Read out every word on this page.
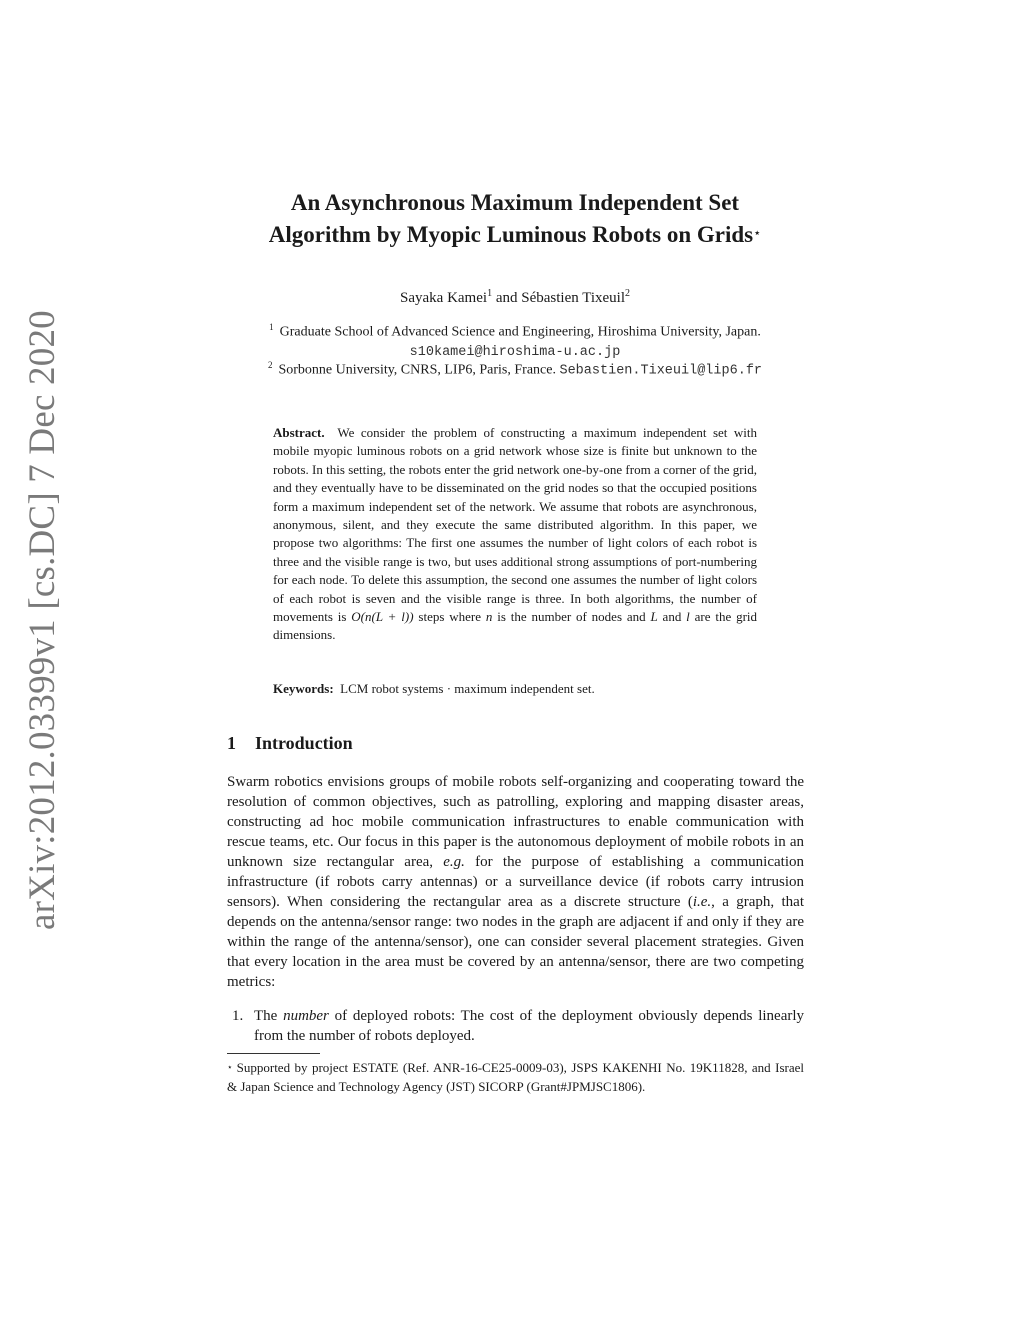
arXiv:2012.03399v1 [cs.DC] 7 Dec 2020
An Asynchronous Maximum Independent Set
Algorithm by Myopic Luminous Robots on Grids⋆
Sayaka Kamei$^1$ and Sébastien Tixeuil$^2$
$^1$ Graduate School of Advanced Science and Engineering, Hiroshima University, Japan.
s10kamei@hiroshima-u.ac.jp
$^2$ Sorbonne University, CNRS, LIP6, Paris, France. Sebastien.Tixeuil@lip6.fr
Abstract. We consider the problem of constructing a maximum independent set with mobile myopic luminous robots on a grid network whose size is finite but unknown to the robots. In this setting, the robots enter the grid network one-by-one from a corner of the grid, and they eventually have to be disseminated on the grid nodes so that the occupied positions form a maximum independent set of the network. We assume that robots are asynchronous, anonymous, silent, and they execute the same distributed algorithm. In this paper, we propose two algorithms: The first one assumes the number of light colors of each robot is three and the visible range is two, but uses additional strong assumptions of port-numbering for each node. To delete this assumption, the second one assumes the number of light colors of each robot is seven and the visible range is three. In both algorithms, the number of movements is O(n(L + l)) steps where n is the number of nodes and L and l are the grid dimensions.
Keywords: LCM robot systems · maximum independent set.
1 Introduction
Swarm robotics envisions groups of mobile robots self-organizing and cooperating toward the resolution of common objectives, such as patrolling, exploring and mapping disaster areas, constructing ad hoc mobile communication infrastructures to enable communication with rescue teams, etc. Our focus in this paper is the autonomous deployment of mobile robots in an unknown size rectangular area, e.g. for the purpose of establishing a communication infrastructure (if robots carry antennas) or a surveillance device (if robots carry intrusion sensors). When considering the rectangular area as a discrete structure (i.e., a graph, that depends on the antenna/sensor range: two nodes in the graph are adjacent if and only if they are within the range of the antenna/sensor), one can consider several placement strategies. Given that every location in the area must be covered by an antenna/sensor, there are two competing metrics:
1. The number of deployed robots: The cost of the deployment obviously depends linearly from the number of robots deployed.
⋆ Supported by project ESTATE (Ref. ANR-16-CE25-0009-03), JSPS KAKENHI No. 19K11828, and Israel & Japan Science and Technology Agency (JST) SICORP (Grant#JPMJSC1806).
